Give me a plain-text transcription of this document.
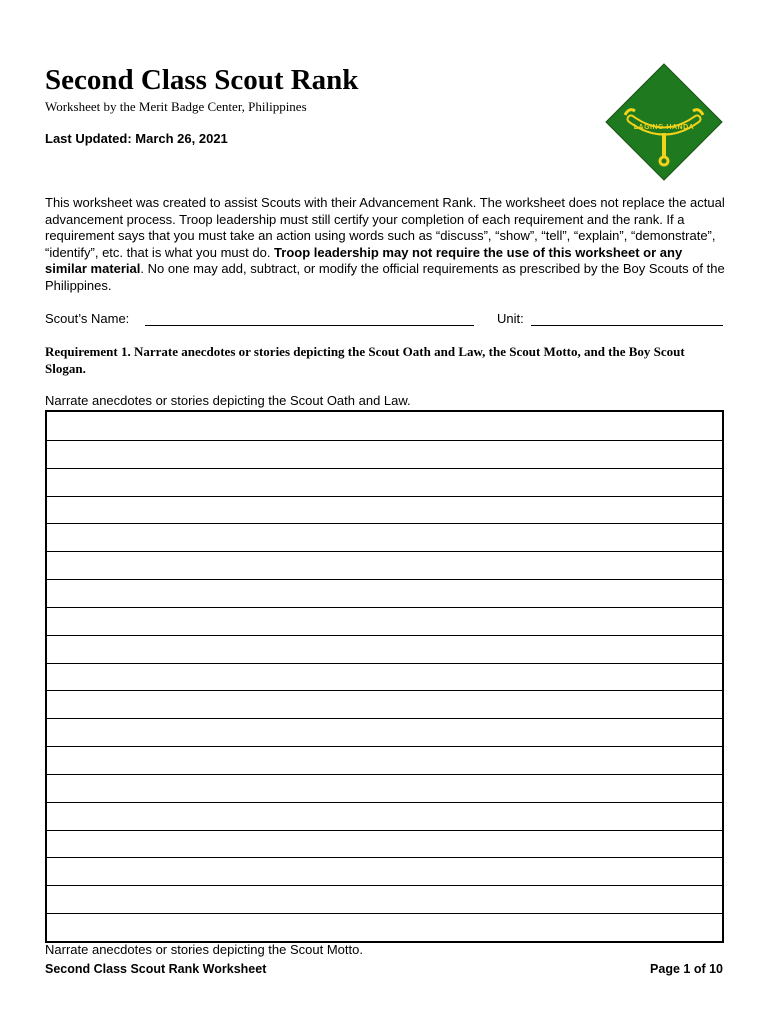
Second Class Scout Rank
Worksheet by the Merit Badge Center, Philippines
Last Updated: March 26, 2021
LAGING HANDA

This worksheet was created to assist Scouts with their Advancement Rank. The worksheet does not replace the actual advancement process. Troop leadership must still certify your completion of each requirement and the rank. If a requirement says that you must take an action using words such as “discuss”, “show”, “tell”, “explain”, “demonstrate”, “identify”, etc. that is what you must do. Troop leadership may not require the use of this worksheet or any similar material. No one may add, subtract, or modify the official requirements as prescribed by the Boy Scouts of the Philippines.

Scout’s Name:	Unit:

Requirement 1. Narrate anecdotes or stories depicting the Scout Oath and Law, the Scout Motto, and the Boy Scout Slogan.

Narrate anecdotes or stories depicting the Scout Oath and Law.
Narrate anecdotes or stories depicting the Scout Motto.
Second Class Scout Rank Worksheet	Page 1 of 10
